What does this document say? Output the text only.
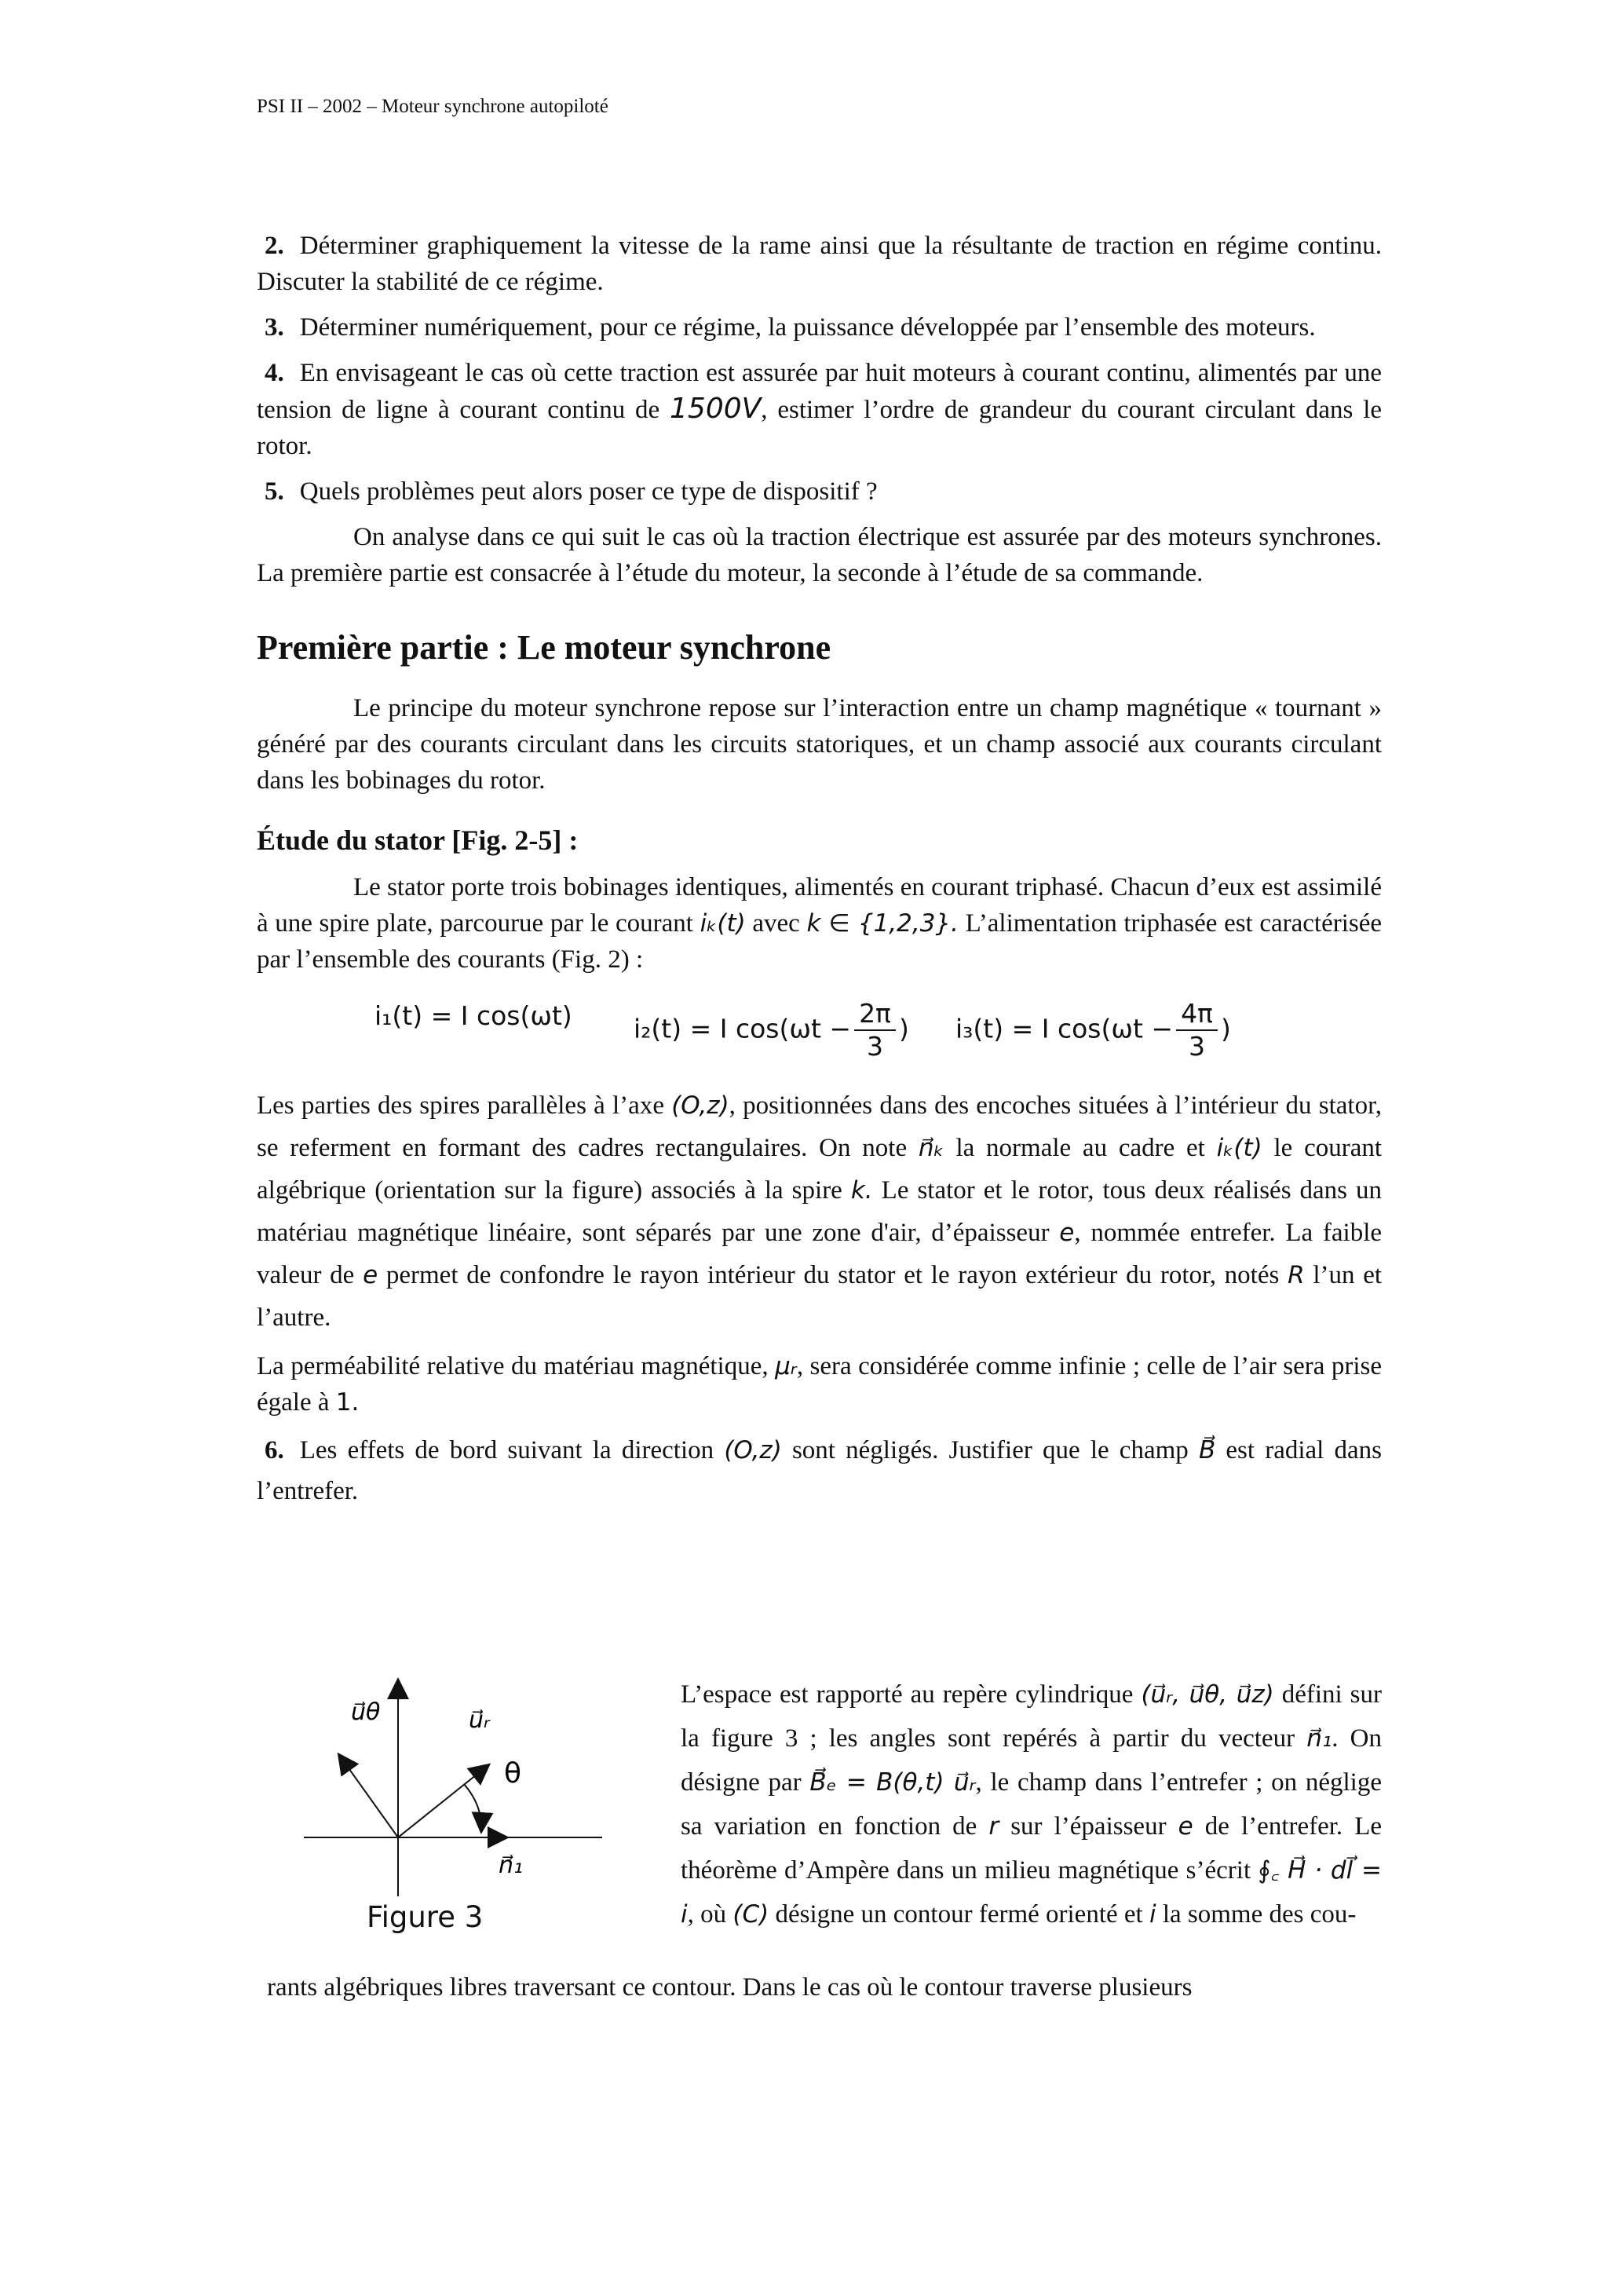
PSI II – 2002 – Moteur synchrone autopiloté

2. Déterminer graphiquement la vitesse de la rame ainsi que la résultante de traction en régime continu. Discuter la stabilité de ce régime.

3. Déterminer numériquement, pour ce régime, la puissance développée par l’ensemble des moteurs.

4. En envisageant le cas où cette traction est assurée par huit moteurs à courant continu, alimentés par une tension de ligne à courant continu de 1500V, estimer l’ordre de grandeur du courant circulant dans le rotor.

5. Quels problèmes peut alors poser ce type de dispositif ?

On analyse dans ce qui suit le cas où la traction électrique est assurée par des moteurs synchrones. La première partie est consacrée à l’étude du moteur, la seconde à l’étude de sa commande.

Première partie : Le moteur synchrone

Le principe du moteur synchrone repose sur l’interaction entre un champ magnétique « tournant » généré par des courants circulant dans les circuits statoriques, et un champ associé aux courants circulant dans les bobinages du rotor.

Étude du stator [Fig. 2-5] :

Le stator porte trois bobinages identiques, alimentés en courant triphasé. Chacun d’eux est assimilé à une spire plate, parcourue par le courant iₖ(t) avec k ∈ {1,2,3}. L’alimentation triphasée est caractérisée par l’ensemble des courants (Fig. 2) :

i₁(t) = I cos(ωt) i₂(t) = I $\cos(\omega t - \frac{2\pi}{3}$ ) i₃(t) = I $\cos(\omega t - \frac{4\pi}{3}$ )

Les parties des spires parallèles à l’axe (O,z), positionnées dans des encoches situées à l’intérieur du stator, se referment en formant des cadres rectangulaires. On note n⃗ₖ la normale au cadre et iₖ(t) le courant algébrique (orientation sur la figure) associés à la spire k. Le stator et le rotor, tous deux réalisés dans un matériau magnétique linéaire, sont séparés par une zone d'air, d’épaisseur e, nommée entrefer. La faible valeur de e permet de confondre le rayon intérieur du stator et le rayon extérieur du rotor, notés R l’un et l’autre.

La perméabilité relative du matériau magnétique, μᵣ, sera considérée comme infinie ; celle de l’air sera prise égale à 1.

6. Les effets de bord suivant la direction (O,z) sont négligés. Justifier que le champ B⃗ est radial dans l’entrefer.

u⃗θ	u⃗ᵣ
θ
n⃗₁
Figure 3

L’espace est rapporté au repère cylindrique (u⃗ᵣ, u⃗θ, u⃗z) défini sur la figure 3 ; les angles sont repérés à partir du vecteur n⃗₁. On désigne par B⃗ₑ = B(θ,t) u⃗ᵣ, le champ dans l’entrefer ; on néglige sa variation en fonction de r sur l’épaisseur e de l’entrefer. Le théorème d’Ampère dans un milieu magnétique s’écrit ∮꜀ H⃗ · dl⃗ = i, où (C) désigne un contour fermé orienté et i la somme des cou-

rants algébriques libres traversant ce contour. Dans le cas où le contour traverse plusieurs
